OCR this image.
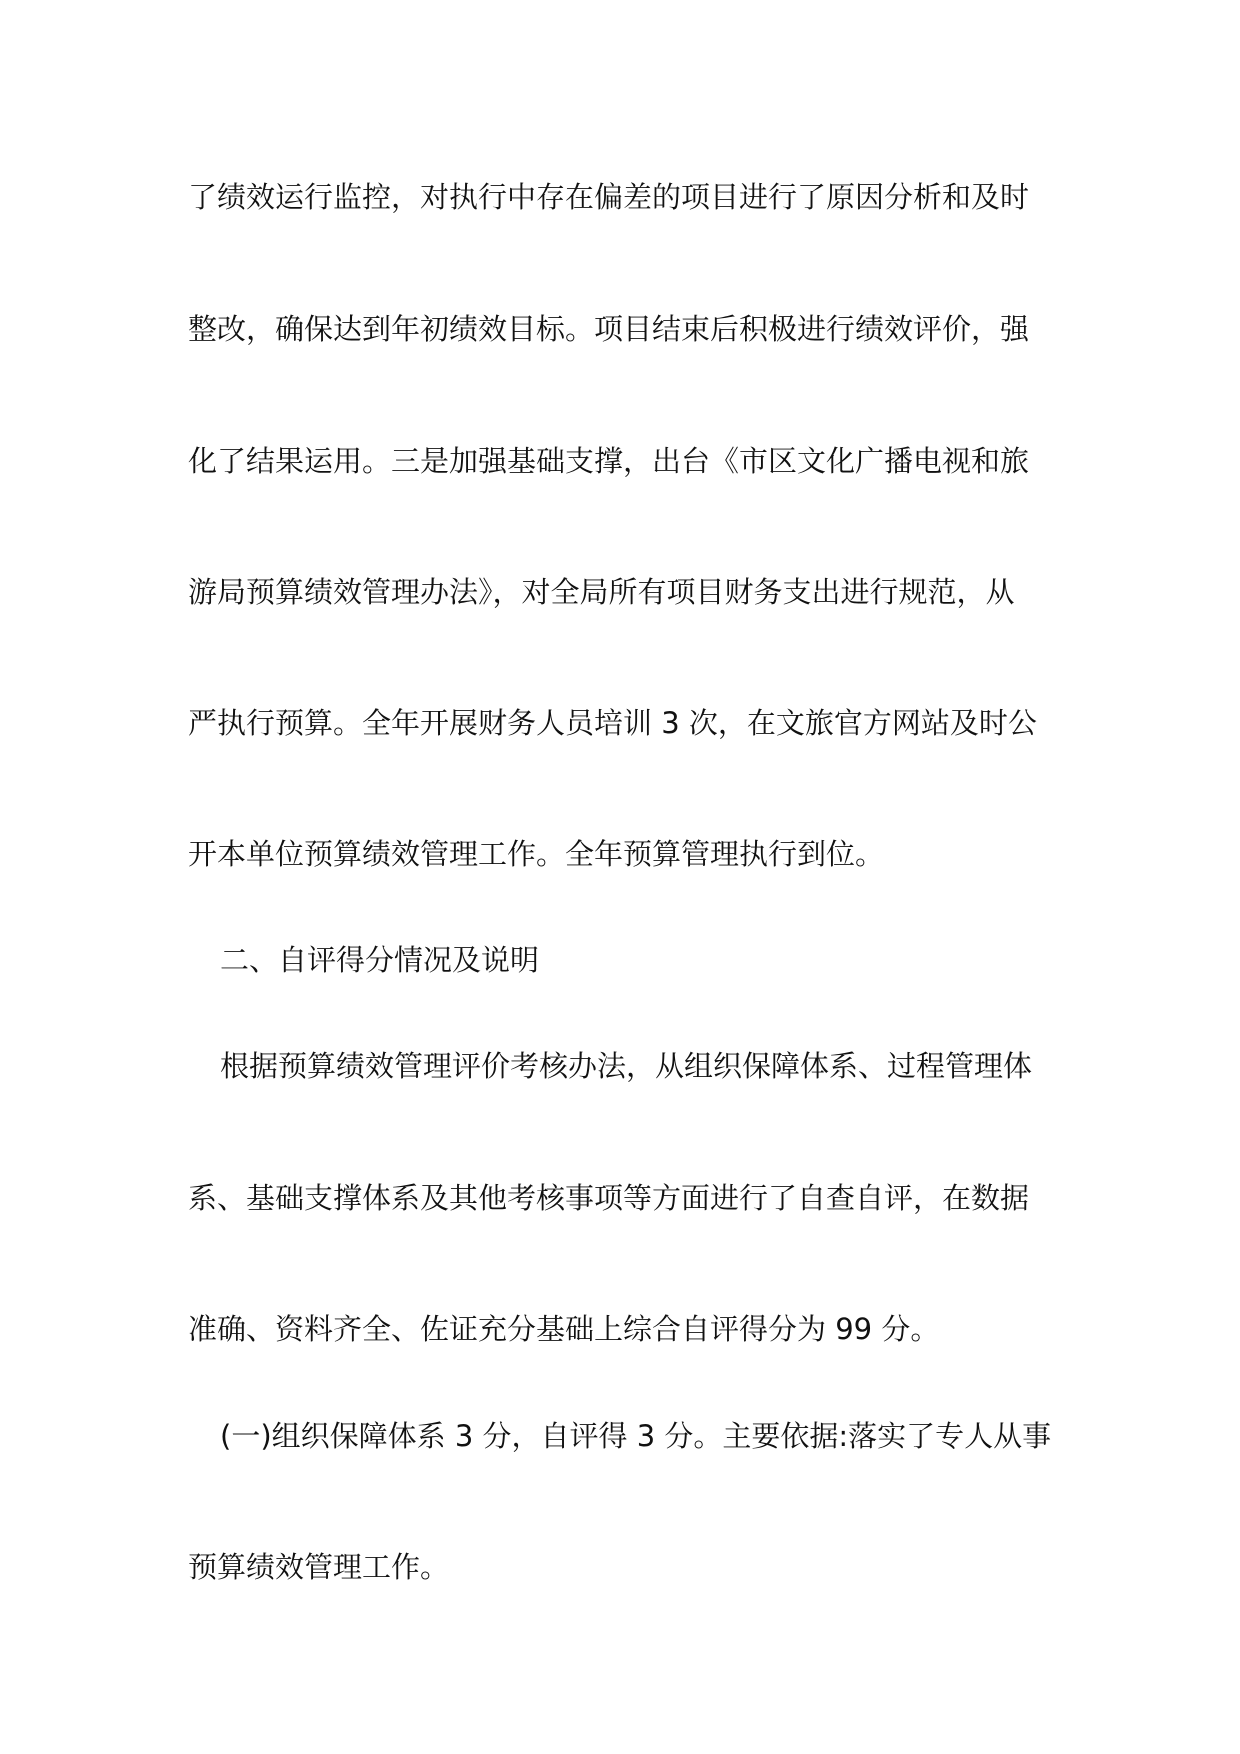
了绩效运行监控，对执行中存在偏差的项目进行了原因分析和及时
整改，确保达到年初绩效目标。项目结束后积极进行绩效评价，强
化了结果运用。三是加强基础支撑，出台《市区文化广播电视和旅
游局预算绩效管理办法》，对全局所有项目财务支出进行规范，从
严执行预算。全年开展财务人员培训 3 次，在文旅官方网站及时公
开本单位预算绩效管理工作。全年预算管理执行到位。
二、自评得分情况及说明
根据预算绩效管理评价考核办法，从组织保障体系、过程管理体
系、基础支撑体系及其他考核事项等方面进行了自查自评，在数据
准确、资料齐全、佐证充分基础上综合自评得分为 99 分。
(一)组织保障体系 3 分，自评得 3 分。主要依据:落实了专人从事
预算绩效管理工作。
